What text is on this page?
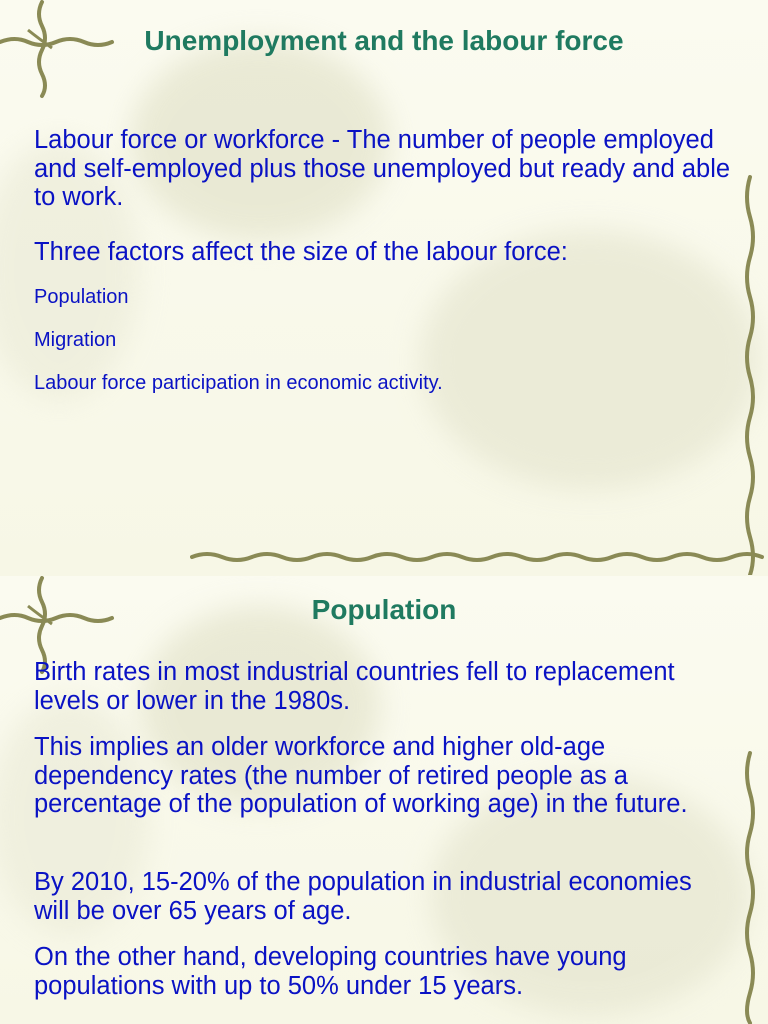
Unemployment and the labour force

Labour force or workforce - The number of people employed and self-employed plus those unemployed but ready and able to work.

Three factors affect the size of the labour force:

Population

Migration

Labour force participation in economic activity.

Population

Birth rates in most industrial countries fell to replacement levels or lower in the 1980s.

This implies an older workforce and higher old-age dependency rates (the number of retired people as a percentage of the population of working age) in the future.

By 2010, 15-20% of the population in industrial economies will be over 65 years of age.

On the other hand, developing countries have young populations with up to 50% under 15 years.
